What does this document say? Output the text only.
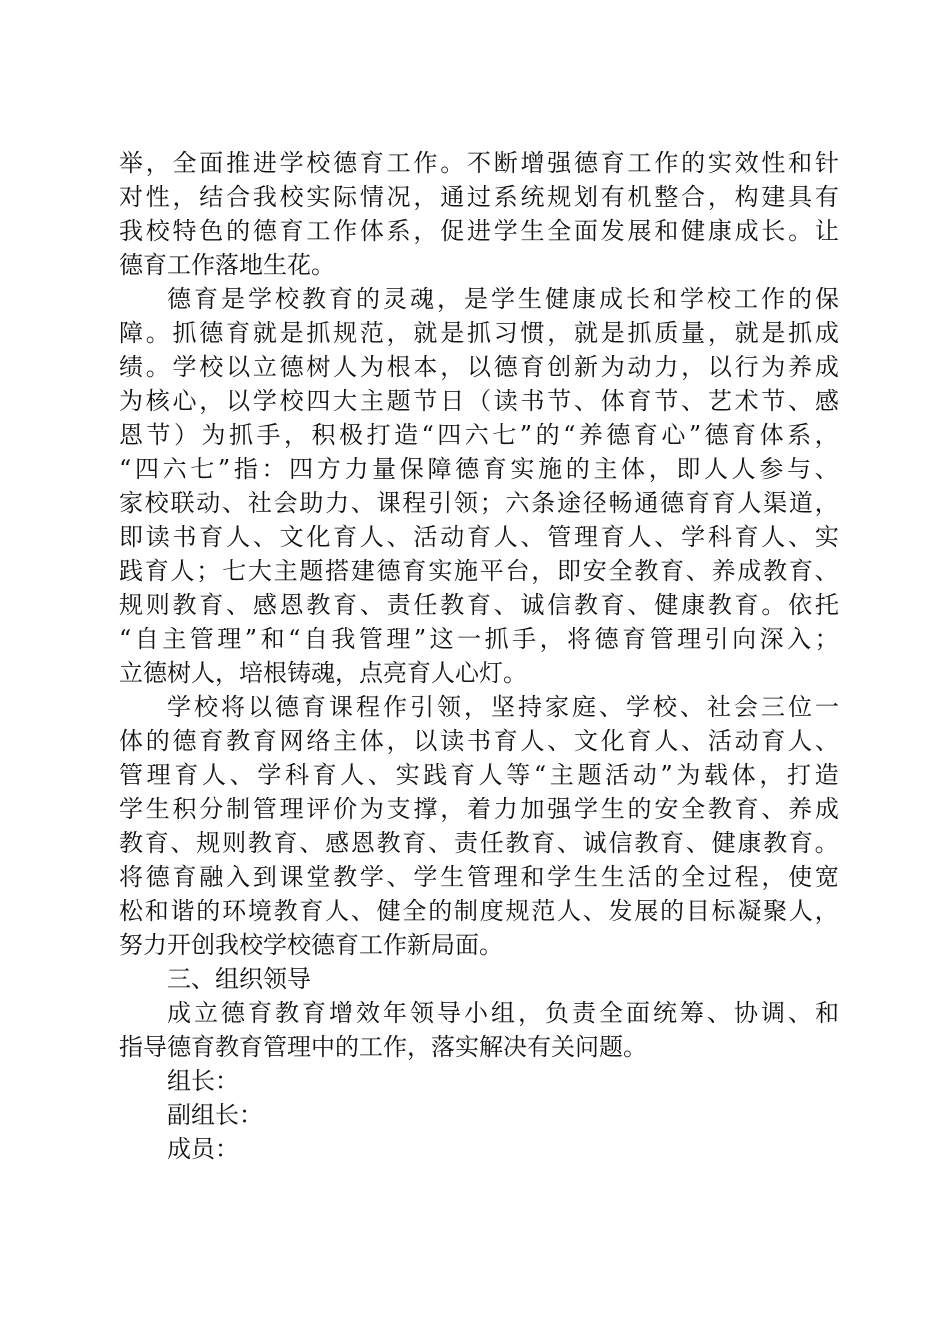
举 ， 全 面 推 进 学 校 德 育 工 作 。 不 断 增 强 德 育 工 作 的 实 效 性 和 针
对 性 ， 结 合 我 校 实 际 情 况 ， 通 过 系 统 规 划 有 机 整 合 ， 构 建 具 有
我 校 特 色 的 德 育 工 作 体 系 ， 促 进 学 生 全 面 发 展 和 健 康 成 长 。 让
德育工作落地生花。
德 育 是 学 校 教 育 的 灵 魂 ， 是 学 生 健 康 成 长 和 学 校 工 作 的 保
障 。 抓 德 育 就 是 抓 规 范 ， 就 是 抓 习 惯 ， 就 是 抓 质 量 ， 就 是 抓 成
绩 。 学 校 以 立 德 树 人 为 根 本 ， 以 德 育 创 新 为 动 力 ， 以 行 为 养 成
为 核 心 ， 以 学 校 四 大 主 题 节 日 （ 读 书 节 、 体 育 节 、 艺 术 节 、 感
恩 节 ） 为 抓 手 ， 积 极 打 造 “ 四 六 七 ” 的 “ 养 德 育 心 ” 德 育 体 系 ，
“ 四 六 七 ” 指 ： 四 方 力 量 保 障 德 育 实 施 的 主 体 ， 即 人 人 参 与 、
家 校 联 动 、 社 会 助 力 、 课 程 引 领 ； 六 条 途 径 畅 通 德 育 育 人 渠 道 ，
即 读 书 育 人 、 文 化 育 人 、 活 动 育 人 、 管 理 育 人 、 学 科 育 人 、 实
践 育 人 ； 七 大 主 题 搭 建 德 育 实 施 平 台 ， 即 安 全 教 育 、 养 成 教 育 、
规 则 教 育 、 感 恩 教 育 、 责 任 教 育 、 诚 信 教 育 、 健 康 教 育 。 依 托
“ 自 主 管 理 ” 和 “ 自 我 管 理 ” 这 一 抓 手 ， 将 德 育 管 理 引 向 深 入 ；
立德树人，培根铸魂，点亮育人心灯。
学 校 将 以 德 育 课 程 作 引 领 ， 坚 持 家 庭 、 学 校 、 社 会 三 位 一
体 的 德 育 教 育 网 络 主 体 ， 以 读 书 育 人 、 文 化 育 人 、 活 动 育 人 、
管 理 育 人 、 学 科 育 人 、 实 践 育 人 等 “ 主 题 活 动 ” 为 载 体 ， 打 造
学 生 积 分 制 管 理 评 价 为 支 撑 ， 着 力 加 强 学 生 的 安 全 教 育 、 养 成
教 育 、 规 则 教 育 、 感 恩 教 育 、 责 任 教 育 、 诚 信 教 育 、 健 康 教 育 。
将 德 育 融 入 到 课 堂 教 学 、 学 生 管 理 和 学 生 生 活 的 全 过 程 ， 使 宽
松 和 谐 的 环 境 教 育 人 、 健 全 的 制 度 规 范 人 、 发 展 的 目 标 凝 聚 人 ，
努力开创我校学校德育工作新局面。
三、组织领导
成 立 德 育 教 育 增 效 年 领 导 小 组 ， 负 责 全 面 统 筹 、 协 调 、 和
指导德育教育管理中的工作，落实解决有关问题。
组长：
副组长：
成员：
